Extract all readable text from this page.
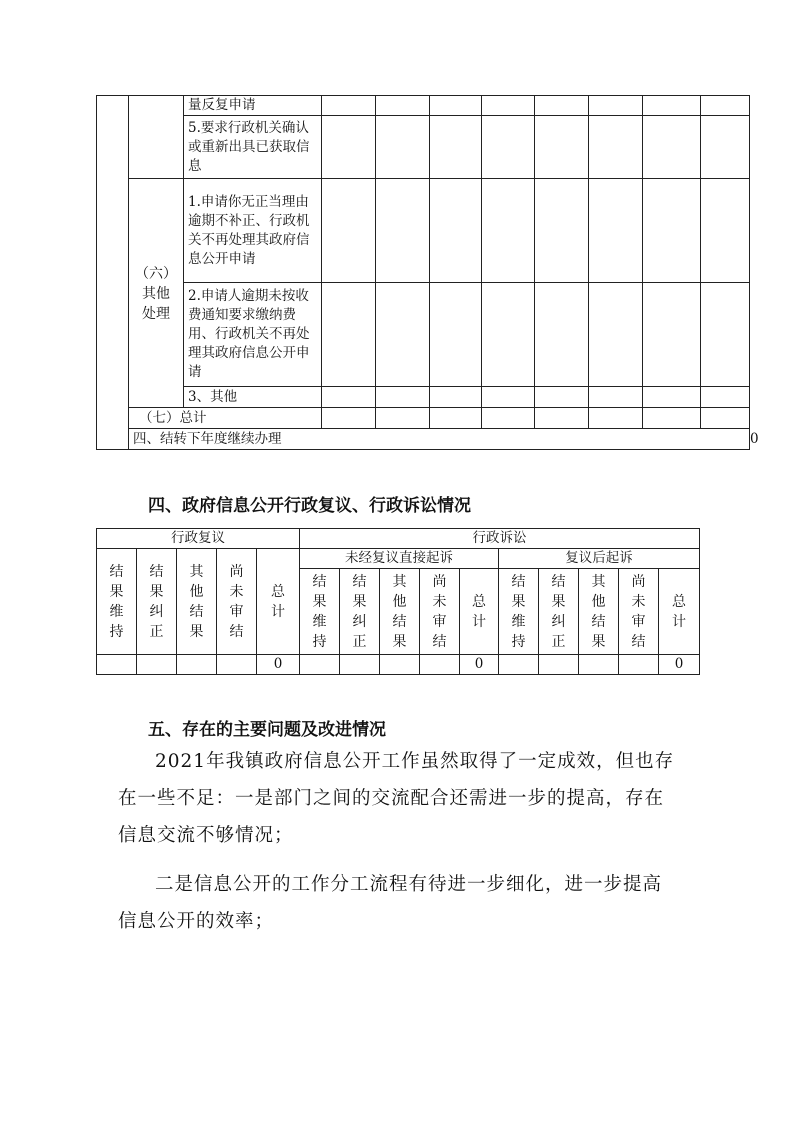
		量反复申请									
		5.要求行政机关确认或重新出具已获取信息									

	（六）
其他
处理	1.申请你无正当理由逾期不补正、行政机关不再处理其政府信息公开申请									
		2.申请人逾期未按收费通知要求缴纳费用、行政机关不再处理其政府信息公开申请									
		3、其他									
	（七）总计										
	四、结转下年度继续办理										0
四、政府信息公开行政复议、行政诉讼情况
行政复议					行政诉讼									

结果维持	结果纠正	其他结果	尚未审结	总计	未经复议直接起诉					复议后起诉				

					结果维持	结果纠正	其他结果	尚未审结	总计	结果维持	结果纠正	其他结果	尚未审结	总计

				0					0					0
五、存在的主要问题及改进情况
2021年我镇政府信息公开工作虽然取得了一定成效，但也存在一些不足：一是部门之间的交流配合还需进一步的提高，存在信息交流不够情况；
二是信息公开的工作分工流程有待进一步细化，进一步提高信息公开的效率；
